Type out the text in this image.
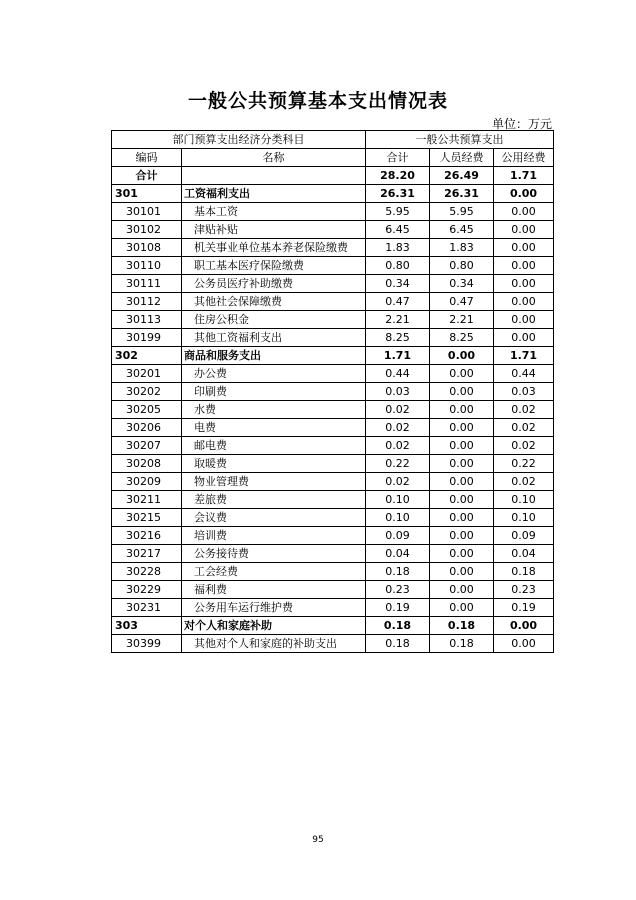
一般公共预算基本支出情况表
单位：万元
部门预算支出经济分类科目		一般公共预算支出		
编码	名称	合计	人员经费	公用经费
合计		28.20	26.49	1.71
301	工资福利支出	26.31	26.31	0.00
30101	基本工资	5.95	5.95	0.00
30102	津贴补贴	6.45	6.45	0.00
30108	机关事业单位基本养老保险缴费	1.83	1.83	0.00
30110	职工基本医疗保险缴费	0.80	0.80	0.00
30111	公务员医疗补助缴费	0.34	0.34	0.00
30112	其他社会保障缴费	0.47	0.47	0.00
30113	住房公积金	2.21	2.21	0.00
30199	其他工资福利支出	8.25	8.25	0.00
302	商品和服务支出	1.71	0.00	1.71
30201	办公费	0.44	0.00	0.44
30202	印刷费	0.03	0.00	0.03
30205	水费	0.02	0.00	0.02
30206	电费	0.02	0.00	0.02
30207	邮电费	0.02	0.00	0.02
30208	取暖费	0.22	0.00	0.22
30209	物业管理费	0.02	0.00	0.02
30211	差旅费	0.10	0.00	0.10
30215	会议费	0.10	0.00	0.10
30216	培训费	0.09	0.00	0.09
30217	公务接待费	0.04	0.00	0.04
30228	工会经费	0.18	0.00	0.18
30229	福利费	0.23	0.00	0.23
30231	公务用车运行维护费	0.19	0.00	0.19
303	对个人和家庭补助	0.18	0.18	0.00
30399	其他对个人和家庭的补助支出	0.18	0.18	0.00
95
